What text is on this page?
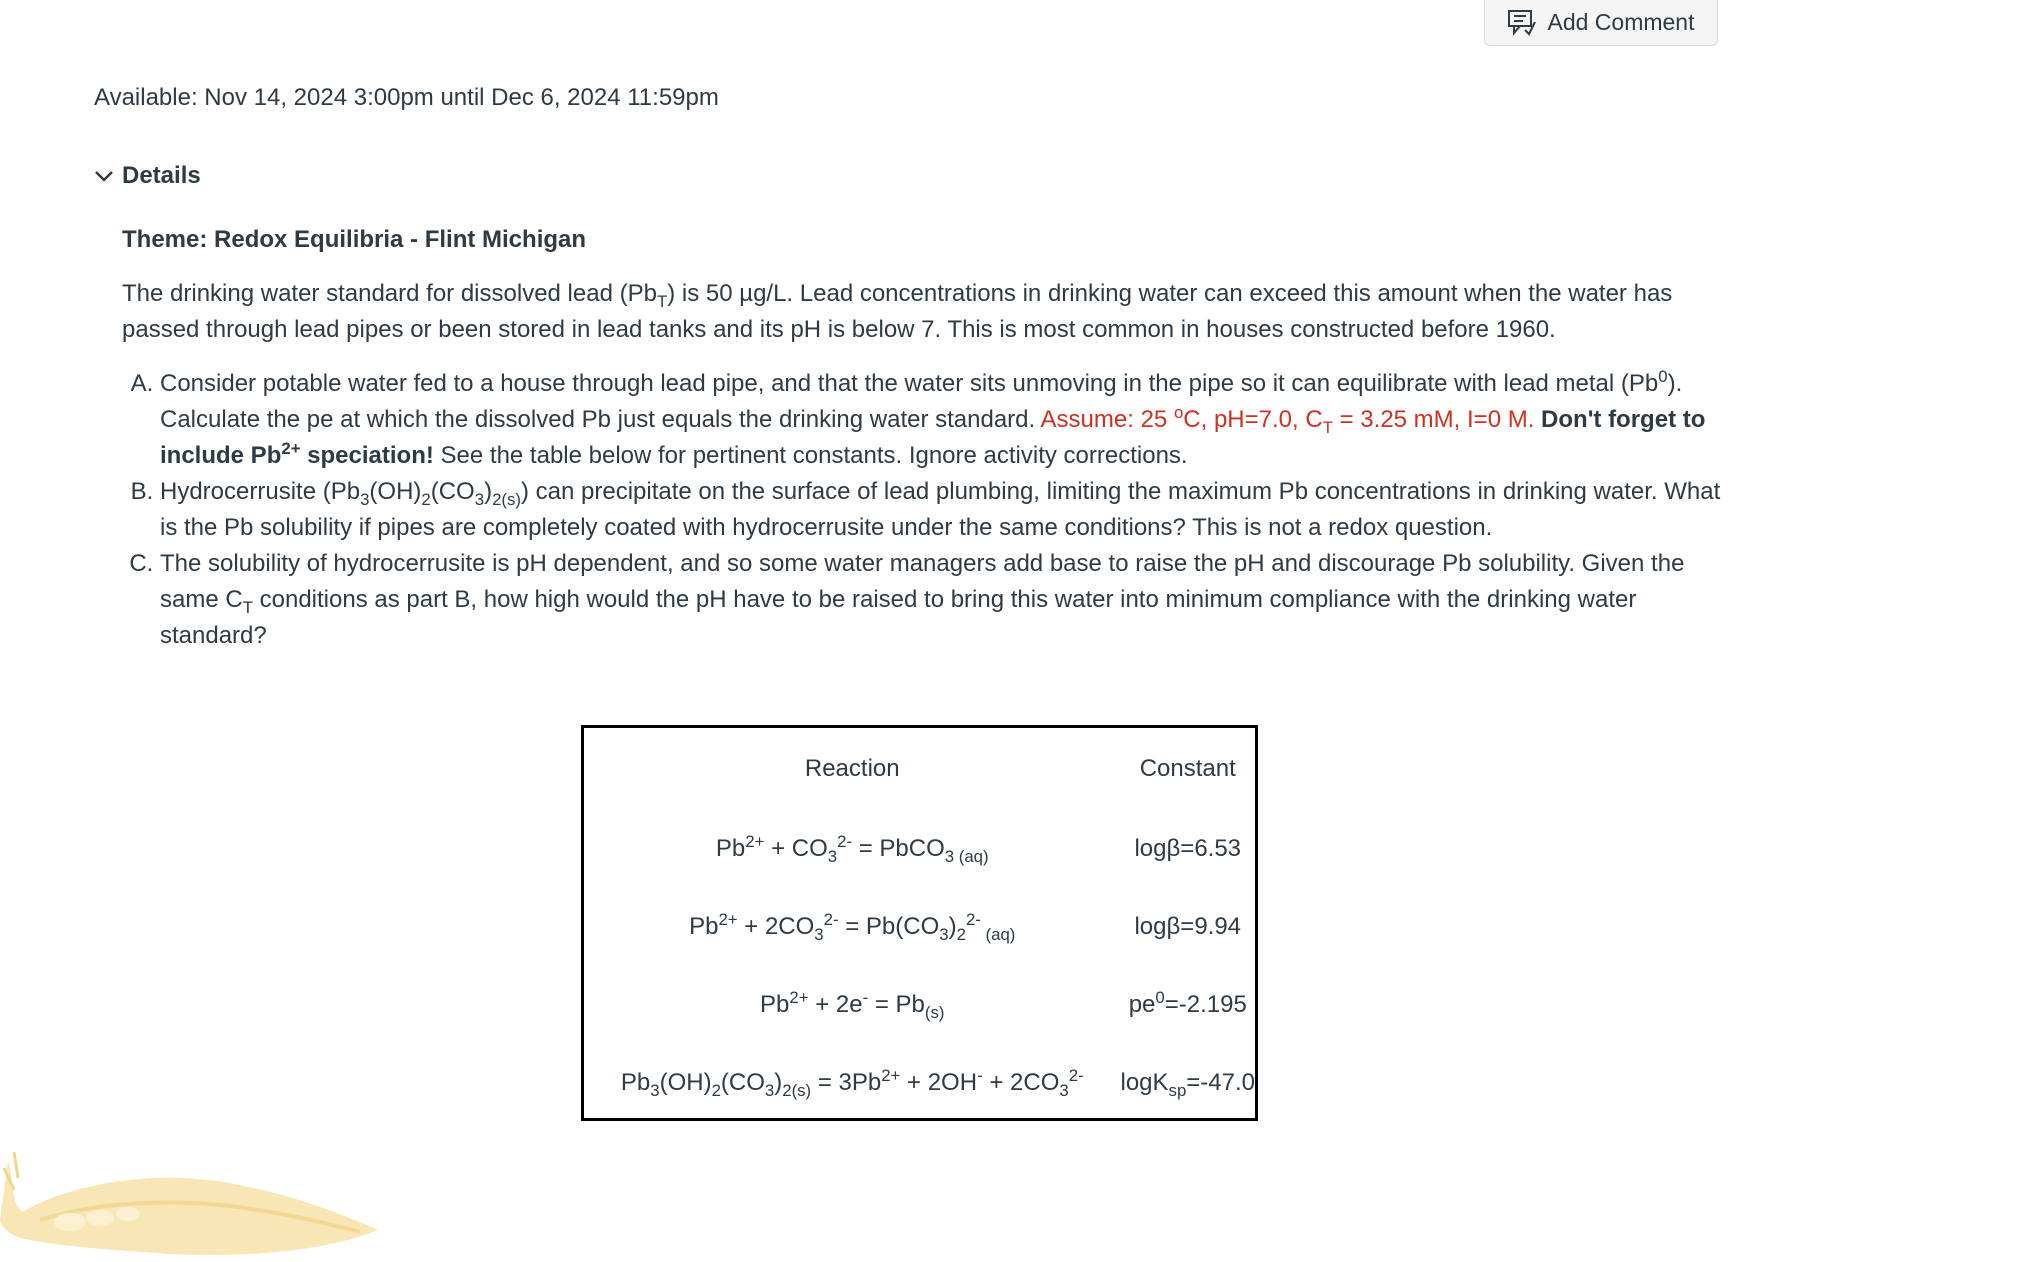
Add Comment
Available: Nov 14, 2024 3:00pm until Dec 6, 2024 11:59pm
Details

Theme: Redox Equilibria - Flint Michigan

The drinking water standard for dissolved lead $(Pb_T)$ is 50 µg/L. Lead concentrations in drinking water can exceed this amount when the water has passed through lead pipes or been stored in lead tanks and its pH is below 7. This is most common in houses constructed before 1960.

A. Consider potable water fed to a house through lead pipe, and that the water sits unmoving in the pipe so it can equilibrate with lead metal (Pb$^0$). Calculate the pe at which the dissolved Pb just equals the drinking water standard. Assume: 25 $^o$C, pH=7.0, $C_T = 3.25$ mM, I=0 M. Don't forget to include $Pb^{2+}$ speciation! See the table below for pertinent constants. Ignore activity corrections.
B. Hydrocerrusite $(Pb_3(OH)_2(CO_3)_{2(s)})$ can precipitate on the surface of lead plumbing, limiting the maximum Pb concentrations in drinking water. What is the Pb solubility if pipes are completely coated with hydrocerrusite under the same conditions? This is not a redox question.
C. The solubility of hydrocerrusite is pH dependent, and so some water managers add base to raise the pH and discourage Pb solubility. Given the same $C_T$ conditions as part B, how high would the pH have to be raised to bring this water into minimum compliance with the drinking water standard?
Reaction	Constant
$Pb^{2+} + CO_3^{2-}$ = PbCO$_{3 (aq)}$	logβ=6.53
$Pb^{2+} + 2CO_3^{2-} = Pb(CO_3)_2^{2-}$ $_{(aq)}$	logβ=9.94
$Pb^{2+} + 2e^- = Pb_{(s)}$	$pe^0=-2.195$
$Pb_3(OH)_2(CO_3)_{2(s)} = 3Pb^{2+} + 2OH^- + 2CO_3^{2-}$	logK$_{sp}$=-47.0
